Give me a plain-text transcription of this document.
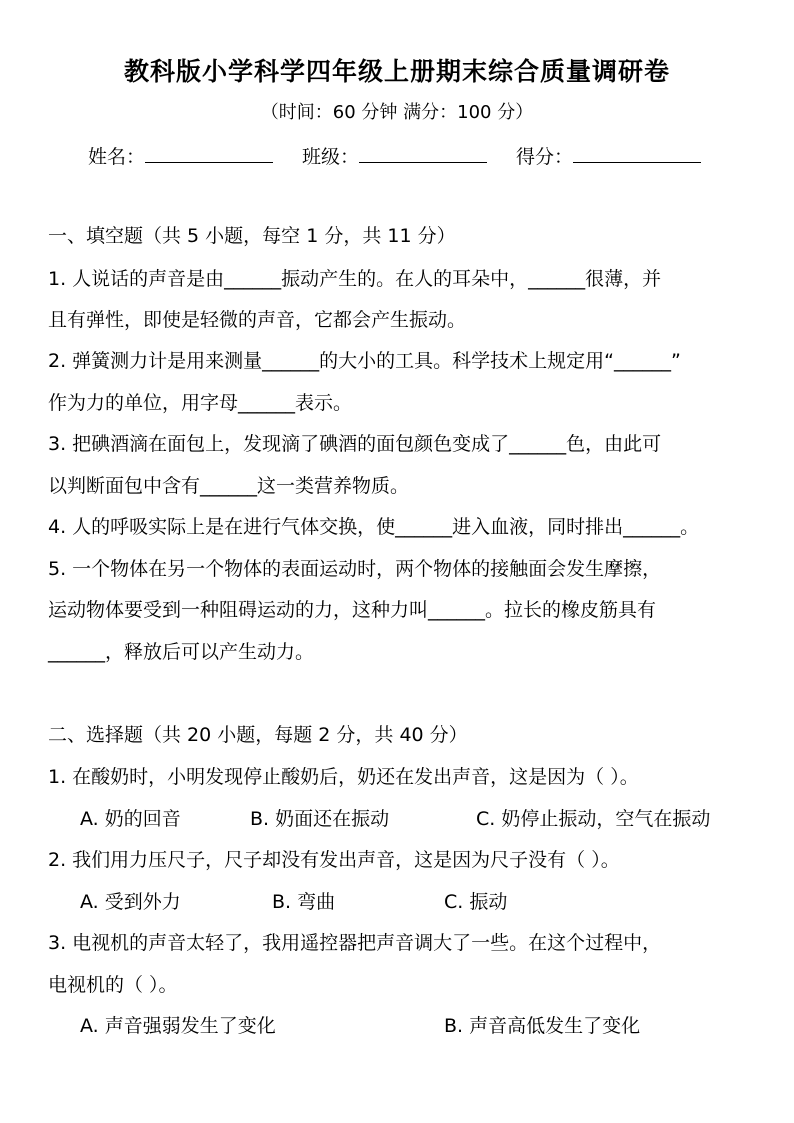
教科版小学科学四年级上册期末综合质量调研卷
（时间：60 分钟 满分：100 分）
姓名：	班级：	得分：
一、填空题（共 5 小题，每空 1 分，共 11 分）
1. 人说话的声音是由______振动产生的。在人的耳朵中，______很薄，并
且有弹性，即使是轻微的声音，它都会产生振动。
2. 弹簧测力计是用来测量______的大小的工具。科学技术上规定用“______”
作为力的单位，用字母______表示。
3. 把碘酒滴在面包上，发现滴了碘酒的面包颜色变成了______色，由此可
以判断面包中含有______这一类营养物质。
4. 人的呼吸实际上是在进行气体交换，使______进入血液，同时排出______。
5. 一个物体在另一个物体的表面运动时，两个物体的接触面会发生摩擦，
运动物体要受到一种阻碍运动的力，这种力叫______。拉长的橡皮筋具有
______，释放后可以产生动力。
二、选择题（共 20 小题，每题 2 分，共 40 分）
1. 在酸奶时，小明发现停止酸奶后，奶还在发出声音，这是因为（ ）。
A. 奶的回音	B. 奶面还在振动	C. 奶停止振动，空气在振动
2. 我们用力压尺子，尺子却没有发出声音，这是因为尺子没有（ ）。
A. 受到外力	B. 弯曲	C. 振动
3. 电视机的声音太轻了，我用遥控器把声音调大了一些。在这个过程中，
电视机的（ ）。
A. 声音强弱发生了变化	B. 声音高低发生了变化
